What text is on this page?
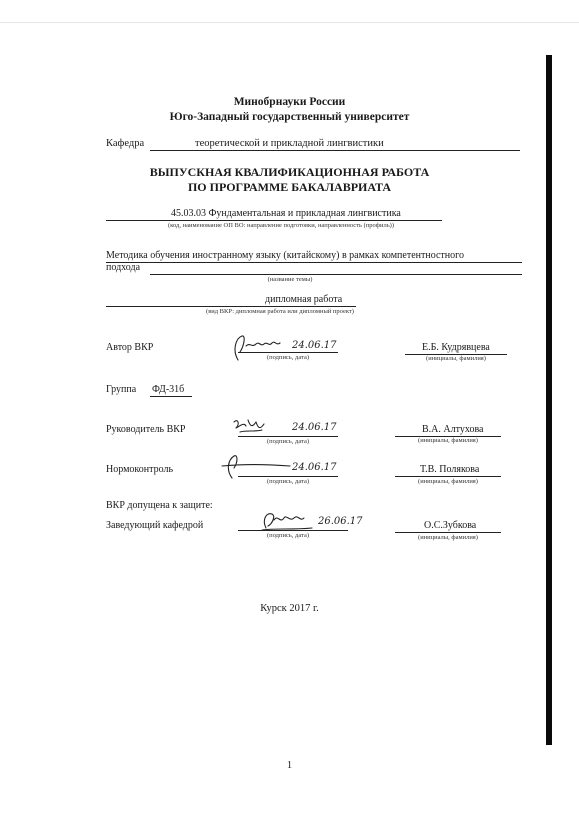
Минобрнауки России
Юго-Западный государственный университет
Кафедра	теоретической и прикладной лингвистики
ВЫПУСКНАЯ КВАЛИФИКАЦИОННАЯ РАБОТА
ПО ПРОГРАММЕ БАКАЛАВРИАТА
45.03.03 Фундаментальная и прикладная лингвистика
(код, наименование ОП ВО: направление подготовки, направленность (профиль))
Методика обучения иностранному языку (китайскому) в рамках компетентностного
подхода
(название темы)
дипломная работа
(вид ВКР: дипломная работа или дипломный проект)
Автор ВКР	24.06.17
(подпись, дата)
Е.Б. Кудрявцева
(инициалы, фамилия)
Группа ФД-31б
Руководитель ВКР	24.06.17
(подпись, дата)
В.А. Алтухова
(инициалы, фамилия)
Нормоконтроль	24.06.17
(подпись, дата)
Т.В. Полякова
(инициалы, фамилия)
ВКР допущена к защите:
Заведующий кафедрой	26.06.17
(подпись, дата)
О.С.Зубкова
(инициалы, фамилия)
Курск 2017 г.
1
